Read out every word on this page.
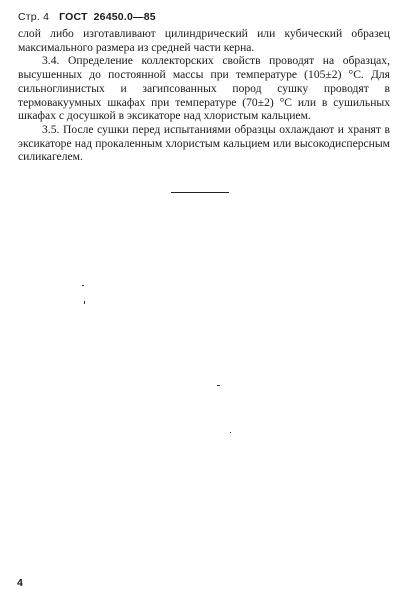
Стр. 4 ГОСТ 26450.0—85

слой либо изготавливают цилиндрический или кубический образец максимального размера из средней части керна.

3.4. Определение коллекторских свойств проводят на образцах, высушенных до постоянной массы при температуре (105±2) °С. Для сильноглинистых и загипсованных пород сушку проводят в термовакуумных шкафах при температуре (70±2) °С или в сушильных шкафах с досушкой в эксикаторе над хлористым кальцием.

3.5. После сушки перед испытаниями образцы охлаждают и хранят в эксикаторе над прокаленным хлористым кальцием или высокодисперсным силикагелем.

4
